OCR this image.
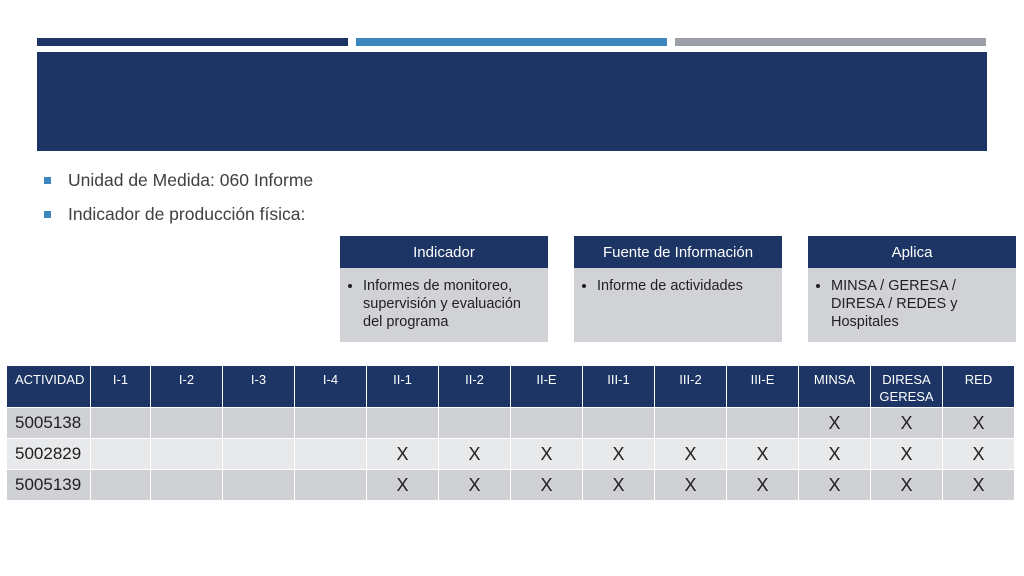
Unidad de Medida: 060 Informe
Indicador de producción física:
Indicador
• Informes de monitoreo, supervisión y evaluación del programa
Fuente de Información
• Informe de actividades
Aplica
• MINSA / GERESA / DIRESA / REDES y Hospitales
ACTIVIDAD	I-1	I-2	I-3	I-4	II-1	II-2	II-E	III-1	III-2	III-E	MINSA	DIRESA GERESA	RED
5005138											X	X	X
5002829					X	X	X	X	X	X	X	X	X
5005139					X	X	X	X	X	X	X	X	X
